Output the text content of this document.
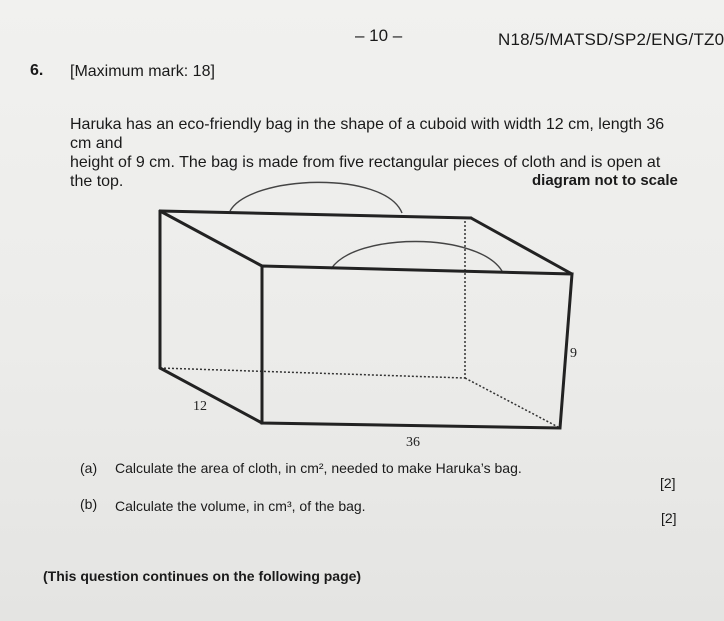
– 10 –	N18/5/MATSD/SP2/ENG/TZ0
6. [Maximum mark: 18]
Haruka has an eco-friendly bag in the shape of a cuboid with width 12 cm, length 36 cm and
height of 9 cm. The bag is made from five rectangular pieces of cloth and is open at the top.	diagram not to scale
12
36
9
(a) Calculate the area of cloth, in cm², needed to make Haruka’s bag.
[2]
(b) Calculate the volume, in cm³, of the bag.
[2]
(This question continues on the following page)
